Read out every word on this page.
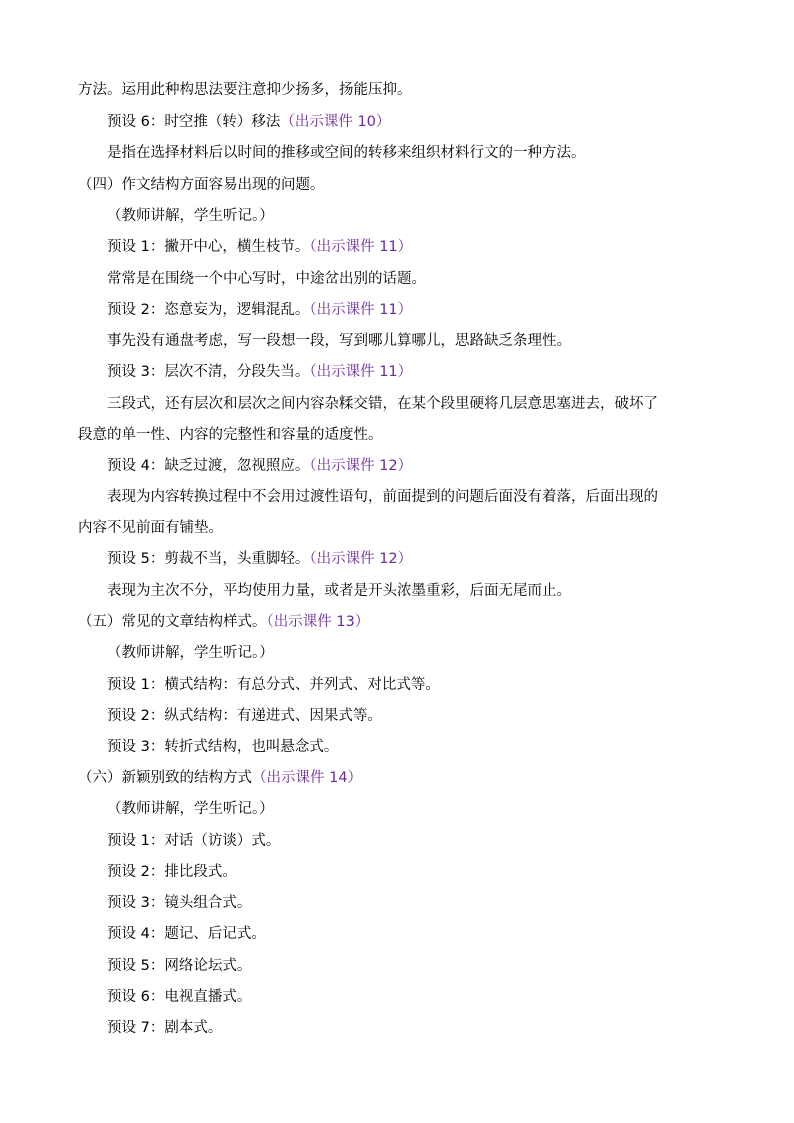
方法。运用此种构思法要注意抑少扬多，扬能压抑。
预设 6：时空推（转）移法（出示课件 10）
是指在选择材料后以时间的推移或空间的转移来组织材料行文的一种方法。
（四）作文结构方面容易出现的问题。
（教师讲解，学生听记。）
预设 1：撇开中心，横生枝节。（出示课件 11）
常常是在围绕一个中心写时，中途岔出别的话题。
预设 2：恣意妄为，逻辑混乱。（出示课件 11）
事先没有通盘考虑，写一段想一段，写到哪儿算哪儿，思路缺乏条理性。
预设 3：层次不清，分段失当。（出示课件 11）
三段式，还有层次和层次之间内容杂糅交错，在某个段里硬将几层意思塞进去，破坏了
段意的单一性、内容的完整性和容量的适度性。
预设 4：缺乏过渡，忽视照应。（出示课件 12）
表现为内容转换过程中不会用过渡性语句，前面提到的问题后面没有着落，后面出现的
内容不见前面有铺垫。
预设 5：剪裁不当，头重脚轻。（出示课件 12）
表现为主次不分，平均使用力量，或者是开头浓墨重彩，后面无尾而止。
（五）常见的文章结构样式。（出示课件 13）
（教师讲解，学生听记。）
预设 1：横式结构：有总分式、并列式、对比式等。
预设 2：纵式结构：有递进式、因果式等。
预设 3：转折式结构，也叫悬念式。
（六）新颖别致的结构方式（出示课件 14）
（教师讲解，学生听记。）
预设 1：对话（访谈）式。
预设 2：排比段式。
预设 3：镜头组合式。
预设 4：题记、后记式。
预设 5：网络论坛式。
预设 6：电视直播式。
预设 7：剧本式。
